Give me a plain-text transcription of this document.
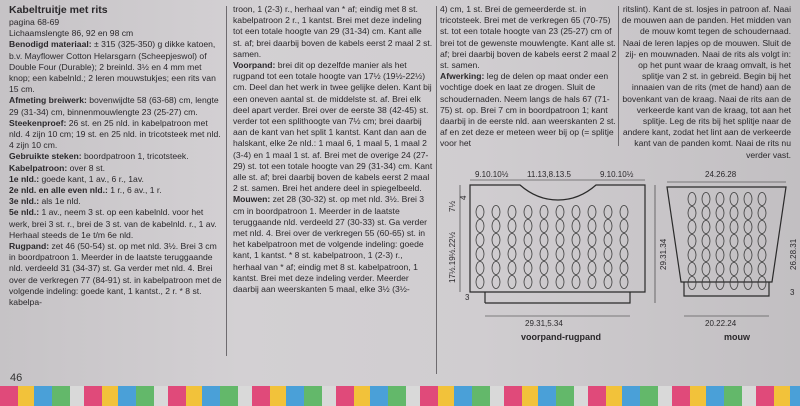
Kabeltruitje met rits

pagina 68-69

Lichaamslengte 86, 92 en 98 cm

Benodigd materiaal: ± 315 (325-350) g dikke katoen, b.v. Mayflower Cotton Helarsgarn (Scheepjeswol) of Double Four (Durable); 2 breinld. 3½ en 4 mm met knop; een kabelnld.; 2 leren mouwstukjes; een rits van 15 cm.

Afmeting breiwerk: bovenwijdte 58 (63-68) cm, lengte 29 (31-34) cm, binnenmouwlengte 23 (25-27) cm.

Steekenproef: 26 st. en 25 nld. in kabelpatroon met nld. 4 zijn 10 cm; 19 st. en 25 nld. in tricotsteek met nld. 4 zijn 10 cm.

Gebruikte steken: boordpatroon 1, tricotsteek.

Kabelpatroon: over 8 st.

1e nld.: goede kant, 1 av., 6 r., 1av.

2e nld. en alle even nld.: 1 r., 6 av., 1 r.

3e nld.: als 1e nld.

5e nld.: 1 av., neem 3 st. op een kabelnld. voor het werk, brei 3 st. r., brei de 3 st. van de kabelnld. r., 1 av.

Herhaal steeds de 1e t/m 6e nld.

Rugpand: zet 46 (50-54) st. op met nld. 3½. Brei 3 cm in boordpatroon 1. Meerder in de laatste teruggaande nld. verdeeld 31 (34-37) st. Ga verder met nld. 4. Brei over de verkregen 77 (84-91) st. in kabelpatroon met de volgende indeling: goede kant, 1 kantst., 2 r. * 8 st. kabelpa-

troon, 1 (2-3) r., herhaal van * af; eindig met 8 st. kabelpatroon 2 r., 1 kantst. Brei met deze indeling tot een totale hoogte van 29 (31-34) cm. Kant alle st. af; brei daarbij boven de kabels eerst 2 maal 2 st. samen.

Voorpand: brei dit op dezelfde manier als het rugpand tot een totale hoogte van 17½ (19½-22½) cm. Deel dan het werk in twee gelijke delen. Kant bij een oneven aantal st. de middelste st. af. Brei elk deel apart verder. Brei over de eerste 38 (42-45) st. verder tot een splithoogte van 7½ cm; brei daarbij aan de kant van het split 1 kantst. Kant dan aan de halskant, elke 2e nld.: 1 maal 6, 1 maal 5, 1 maal 2 (3-4) en 1 maal 1 st. af. Brei met de overige 24 (27-29) st. tot een totale hoogte van 29 (31-34) cm. Kant alle st. af; brei daarbij boven de kabels eerst 2 maal 2 st. samen. Brei het andere deel in spiegelbeeld.

Mouwen: zet 28 (30-32) st. op met nld. 3½. Brei 3 cm in boordpatroon 1. Meerder in de laatste teruggaande nld. verdeeld 27 (30-33) st. Ga verder met nld. 4. Brei over de verkregen 55 (60-65) st. in het kabelpatroon met de volgende indeling: goede kant, 1 kantst. * 8 st. kabelpatroon, 1 (2-3) r., herhaal van * af; eindig met 8 st. kabelpatroon, 1 kantst. Brei met deze indeling verder. Meerder daarbij aan weerskanten 5 maal, elke 3½ (3½-

4) cm, 1 st. Brei de gemeerderde st. in tricotsteek. Brei met de verkregen 65 (70-75) st. tot een totale hoogte van 23 (25-27) cm of brei tot de gewenste mouwlengte. Kant alle st. af; brei daarbij boven de kabels eerst 2 maal 2 st. samen.

Afwerking: leg de delen op maat onder een vochtige doek en laat ze drogen. Sluit de schoudernaden. Neem langs de hals 67 (71-75) st. op. Brei 7 cm in boordpatroon 1; kant daarbij in de eerste nld. aan weerskanten 2 st. af en zet deze er meteen weer bij op (= splitje voor het

ritslint). Kant de st. losjes in patroon af. Naai de mouwen aan de panden. Het midden van de mouw komt tegen de schoudernaad. Naai de leren lapjes op de mouwen. Sluit de zij- en mouwnaden. Naai de rits als volgt in: op het punt waar de kraag omvalt, is het splitje van 2 st. in gebreid. Begin bij het innaaien van de rits (met de hand) aan de bovenkant van de kraag. Naai de rits aan de verkeerde kant van de kraag, tot aan het splitje. Leg de rits bij het splitje naar de andere kant, zodat het lint aan de verkeerde kant van de panden komt. Naai de rits nu verder vast.

9.10.10½ 11.13,8.13.5	9.10.10½
7½
4
17½.19½.22½	29.31.34
3
29.31,5.34
voorpand-rugpand
24.26.28
26.28.31
3
20.22.24
mouw
46
